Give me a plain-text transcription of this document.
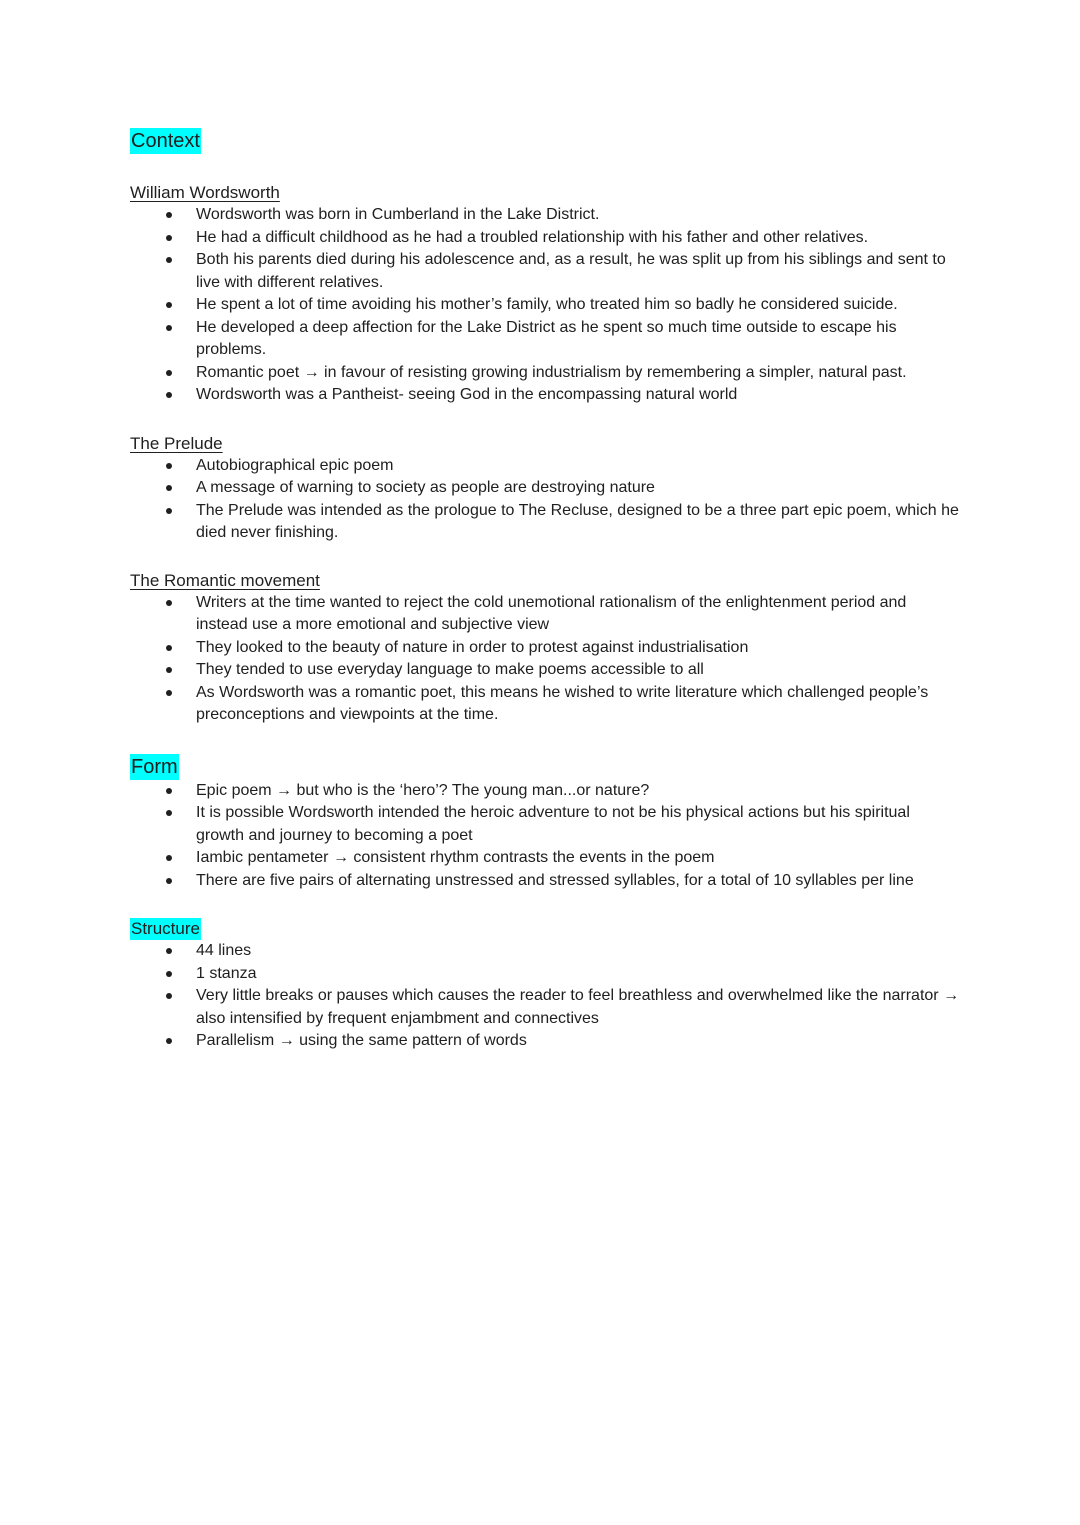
Context
William Wordsworth
Wordsworth was born in Cumberland in the Lake District.
He had a difficult childhood as he had a troubled relationship with his father and other relatives.
Both his parents died during his adolescence and, as a result, he was split up from his siblings and sent to live with different relatives.
He spent a lot of time avoiding his mother’s family, who treated him so badly he considered suicide.
He developed a deep affection for the Lake District as he spent so much time outside to escape his problems.
Romantic poet → in favour of resisting growing industrialism by remembering a simpler, natural past.
Wordsworth was a Pantheist- seeing God in the encompassing natural world
The Prelude
Autobiographical epic poem
A message of warning to society as people are destroying nature
The Prelude was intended as the prologue to The Recluse, designed to be a three part epic poem, which he died never finishing.
The Romantic movement
Writers at the time wanted to reject the cold unemotional rationalism of the enlightenment period and instead use a more emotional and subjective view
They looked to the beauty of nature in order to protest against industrialisation
They tended to use everyday language to make poems accessible to all
As Wordsworth was a romantic poet, this means he wished to write literature which challenged people’s preconceptions and viewpoints at the time.
Form
Epic poem → but who is the ‘hero’? The young man...or nature?
It is possible Wordsworth intended the heroic adventure to not be his physical actions but his spiritual growth and journey to becoming a poet
Iambic pentameter → consistent rhythm contrasts the events in the poem
There are five pairs of alternating unstressed and stressed syllables, for a total of 10 syllables per line
Structure
44 lines
1 stanza
Very little breaks or pauses which causes the reader to feel breathless and overwhelmed like the narrator → also intensified by frequent enjambment and connectives
Parallelism → using the same pattern of words
